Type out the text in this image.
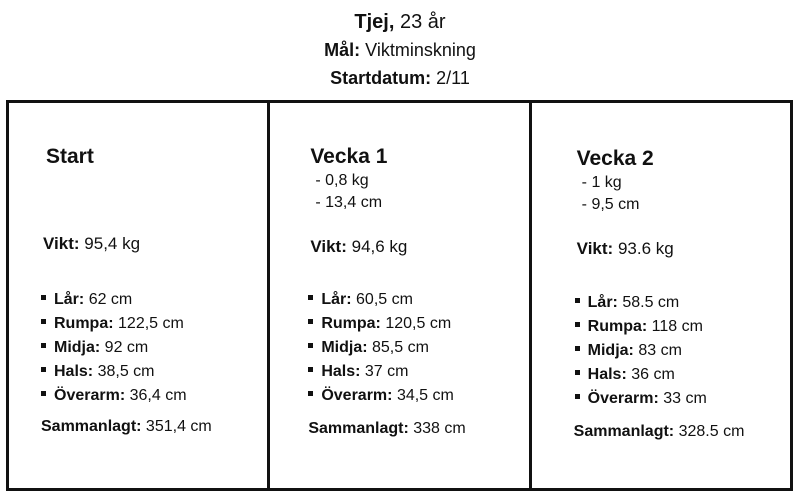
Tjej, 23 år
Mål: Viktminskning
Startdatum: 2/11
Start
Vikt: 95,4 kg
Lår: 62 cm
Rumpa: 122,5 cm
Midja: 92 cm
Hals: 38,5 cm
Överarm: 36,4 cm
Sammanlagt: 351,4 cm
Vecka 1
- 0,8 kg
- 13,4 cm
Vikt: 94,6 kg
Lår: 60,5 cm
Rumpa: 120,5 cm
Midja: 85,5 cm
Hals: 37 cm
Överarm: 34,5 cm
Sammanlagt: 338 cm
Vecka 2
- 1 kg
- 9,5 cm
Vikt: 93.6 kg
Lår: 58.5 cm
Rumpa: 118 cm
Midja: 83 cm
Hals: 36 cm
Överarm: 33 cm
Sammanlagt: 328.5 cm
